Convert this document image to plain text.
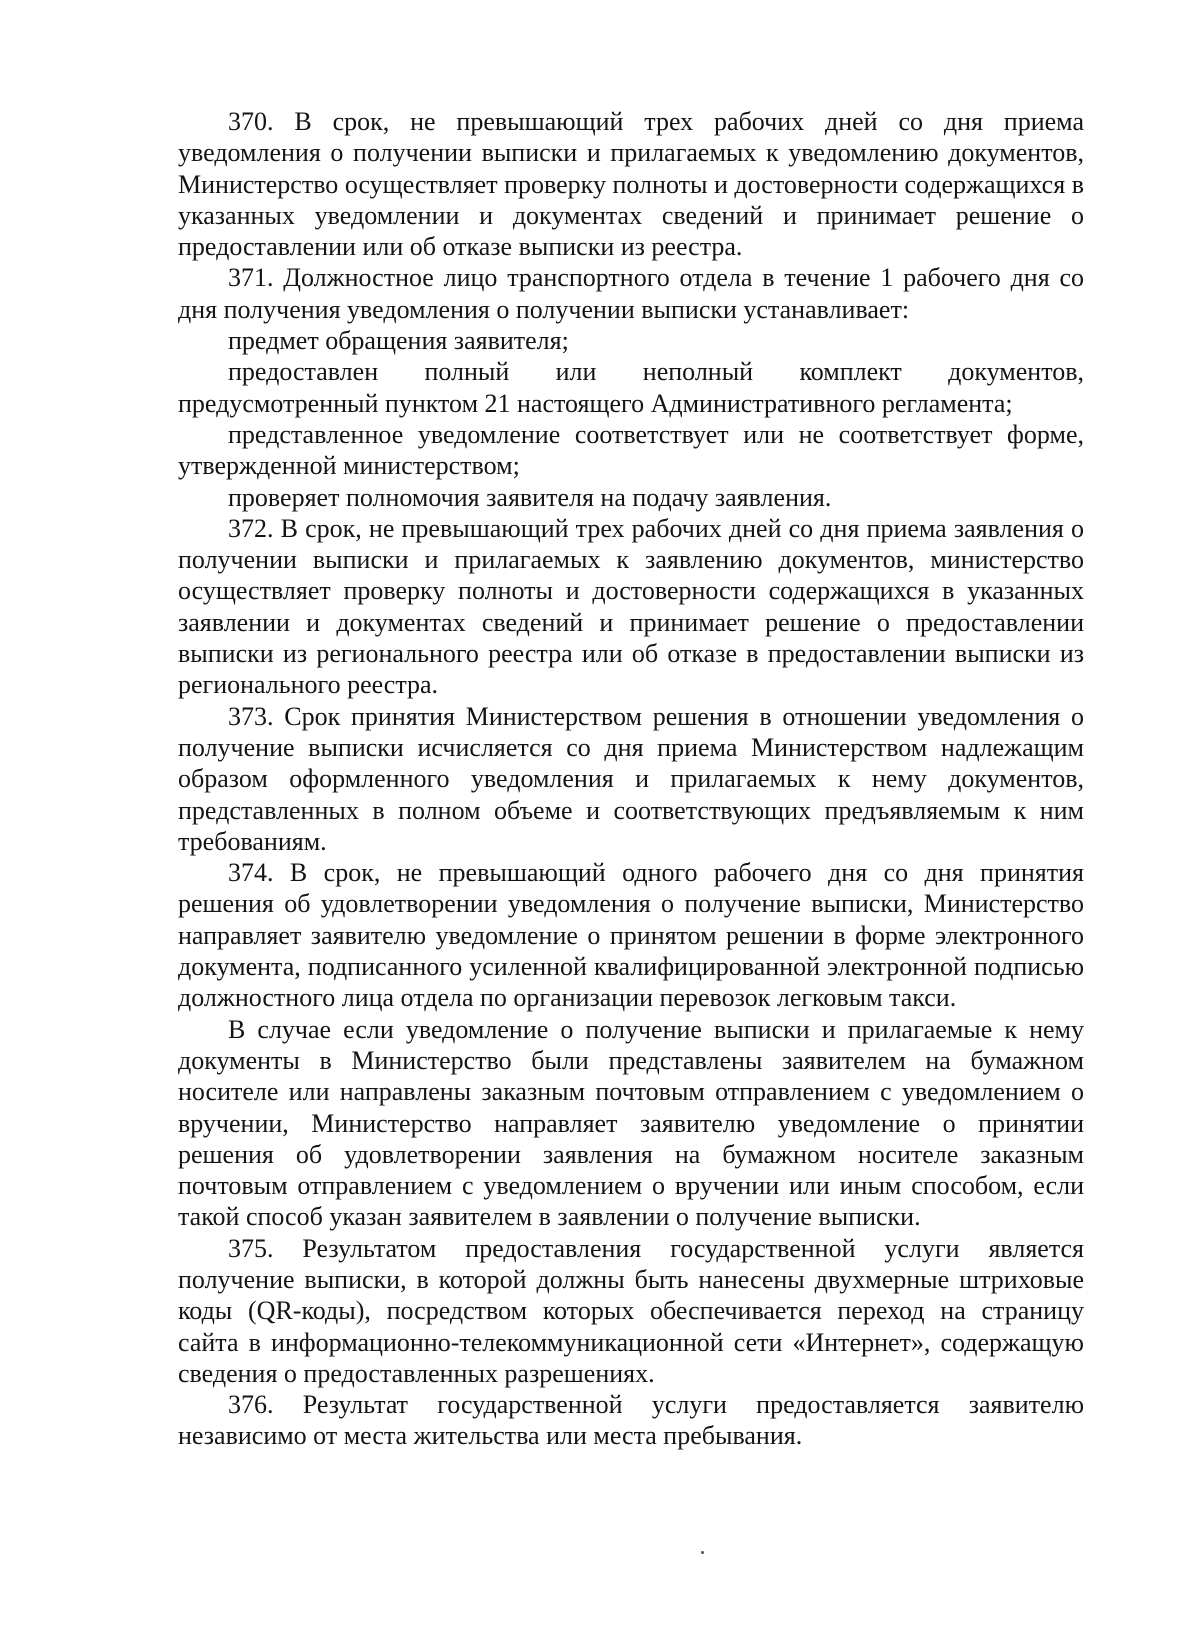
370. В срок, не превышающий трех рабочих дней со дня приема уведомления о получении выписки и прилагаемых к уведомлению документов, Министерство осуществляет проверку полноты и достоверности содержащихся в указанных уведомлении и документах сведений и принимает решение о предоставлении или об отказе выписки из реестра.

371. Должностное лицо транспортного отдела в течение 1 рабочего дня со дня получения уведомления о получении выписки устанавливает:

предмет обращения заявителя;

предоставлен полный или неполный комплект документов, предусмотренный пунктом 21 настоящего Административного регламента;

представленное уведомление соответствует или не соответствует форме, утвержденной министерством;

проверяет полномочия заявителя на подачу заявления.

372. В срок, не превышающий трех рабочих дней со дня приема заявления о получении выписки и прилагаемых к заявлению документов, министерство осуществляет проверку полноты и достоверности содержащихся в указанных заявлении и документах сведений и принимает решение о предоставлении выписки из регионального реестра или об отказе в предоставлении выписки из регионального реестра.

373. Срок принятия Министерством решения в отношении уведомления о получение выписки исчисляется со дня приема Министерством надлежащим образом оформленного уведомления и прилагаемых к нему документов, представленных в полном объеме и соответствующих предъявляемым к ним требованиям.

374. В срок, не превышающий одного рабочего дня со дня принятия решения об удовлетворении уведомления о получение выписки, Министерство направляет заявителю уведомление о принятом решении в форме электронного документа, подписанного усиленной квалифицированной электронной подписью должностного лица отдела по организации перевозок легковым такси.

В случае если уведомление о получение выписки и прилагаемые к нему документы в Министерство были представлены заявителем на бумажном носителе или направлены заказным почтовым отправлением с уведомлением о вручении, Министерство направляет заявителю уведомление о принятии решения об удовлетворении заявления на бумажном носителе заказным почтовым отправлением с уведомлением о вручении или иным способом, если такой способ указан заявителем в заявлении о получение выписки.

375. Результатом предоставления государственной услуги является получение выписки, в которой должны быть нанесены двухмерные штриховые коды (QR-коды), посредством которых обеспечивается переход на страницу сайта в информационно-телекоммуникационной сети «Интернет», содержащую сведения о предоставленных разрешениях.

376. Результат государственной услуги предоставляется заявителю независимо от места жительства или места пребывания.
